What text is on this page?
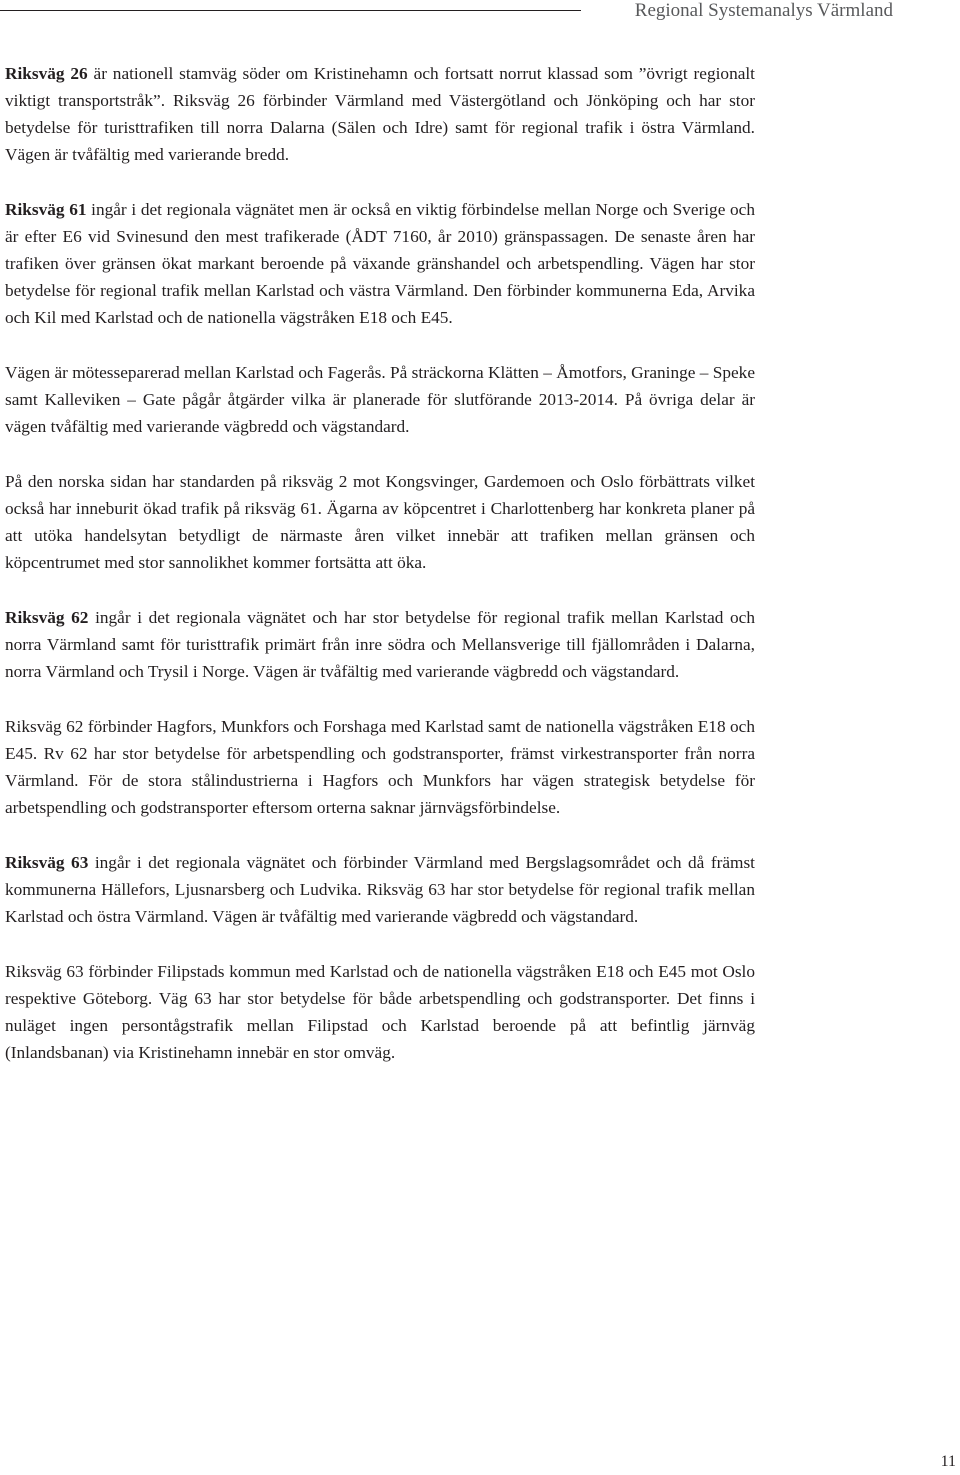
Regional Systemanalys Värmland

Riksväg 26 är nationell stamväg söder om Kristinehamn och fortsatt norrut klassad som ”övrigt regionalt viktigt transportstråk”. Riksväg 26 förbinder Värmland med Västergötland och Jönköping och har stor betydelse för turisttrafiken till norra Dalarna (Sälen och Idre) samt för regional trafik i östra Värmland. Vägen är tvåfältig med varierande bredd.

Riksväg 61 ingår i det regionala vägnätet men är också en viktig förbindelse mellan Norge och Sverige och är efter E6 vid Svinesund den mest trafikerade (ÅDT 7160, år 2010) gränspassagen. De senaste åren har trafiken över gränsen ökat markant beroende på växande gränshandel och arbetspendling. Vägen har stor betydelse för regional trafik mellan Karlstad och västra Värmland. Den förbinder kommunerna Eda, Arvika och Kil med Karlstad och de nationella vägstråken E18 och E45.

Vägen är mötesseparerad mellan Karlstad och Fagerås. På sträckorna Klätten – Åmotfors, Graninge – Speke samt Kalleviken – Gate pågår åtgärder vilka är planerade för slutförande 2013-2014. På övriga delar är vägen tvåfältig med varierande vägbredd och vägstandard.

På den norska sidan har standarden på riksväg 2 mot Kongsvinger, Gardemoen och Oslo förbättrats vilket också har inneburit ökad trafik på riksväg 61. Ägarna av köpcentret i Charlottenberg har konkreta planer på att utöka handelsytan betydligt de närmaste åren vilket innebär att trafiken mellan gränsen och köpcentrumet med stor sannolikhet kommer fortsätta att öka.

Riksväg 62 ingår i det regionala vägnätet och har stor betydelse för regional trafik mellan Karlstad och norra Värmland samt för turisttrafik primärt från inre södra och Mellansverige till fjällområden i Dalarna, norra Värmland och Trysil i Norge. Vägen är tvåfältig med varierande vägbredd och vägstandard.

Riksväg 62 förbinder Hagfors, Munkfors och Forshaga med Karlstad samt de nationella vägstråken E18 och E45. Rv 62 har stor betydelse för arbetspendling och godstransporter, främst virkestransporter från norra Värmland. För de stora stålindustrierna i Hagfors och Munkfors har vägen strategisk betydelse för arbetspendling och godstransporter eftersom orterna saknar järnvägsförbindelse.

Riksväg 63 ingår i det regionala vägnätet och förbinder Värmland med Bergslagsområdet och då främst kommunerna Hällefors, Ljusnarsberg och Ludvika. Riksväg 63 har stor betydelse för regional trafik mellan Karlstad och östra Värmland. Vägen är tvåfältig med varierande vägbredd och vägstandard.

Riksväg 63 förbinder Filipstads kommun med Karlstad och de nationella vägstråken E18 och E45 mot Oslo respektive Göteborg. Väg 63 har stor betydelse för både arbetspendling och godstransporter. Det finns i nuläget ingen persontågstrafik mellan Filipstad och Karlstad beroende på att befintlig järnväg (Inlandsbanan) via Kristinehamn innebär en stor omväg.

11
